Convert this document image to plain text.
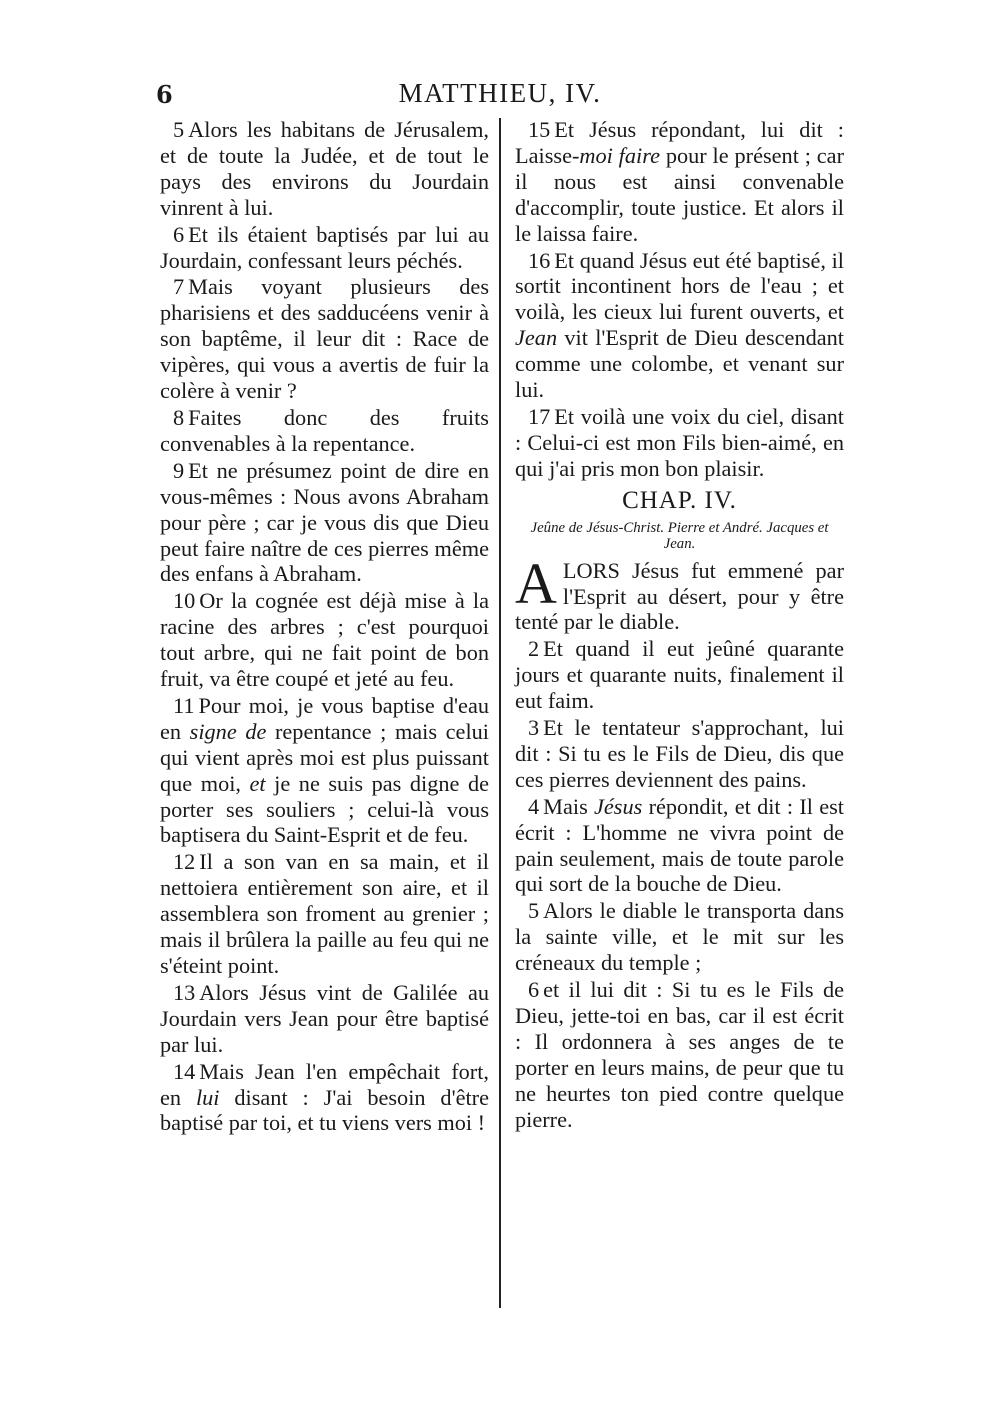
6	MATTHIEU, IV.

5 Alors les habitans de Jérusalem, et de toute la Judée, et de tout le pays des environs du Jourdain vinrent à lui.

6 Et ils étaient baptisés par lui au Jourdain, confessant leurs péchés.

7 Mais voyant plusieurs des pharisiens et des sadducéens venir à son baptême, il leur dit : Race de vipères, qui vous a avertis de fuir la colère à venir ?

8 Faites donc des fruits convenables à la repentance.

9 Et ne présumez point de dire en vous-mêmes : Nous avons Abraham pour père ; car je vous dis que Dieu peut faire naître de ces pierres même des enfans à Abraham.

10 Or la cognée est déjà mise à la racine des arbres ; c'est pourquoi tout arbre, qui ne fait point de bon fruit, va être coupé et jeté au feu.

11 Pour moi, je vous baptise d'eau en signe de repentance ; mais celui qui vient après moi est plus puissant que moi, et je ne suis pas digne de porter ses souliers ; celui-là vous baptisera du Saint-Esprit et de feu.

12 Il a son van en sa main, et il nettoiera entièrement son aire, et il assemblera son froment au grenier ; mais il brûlera la paille au feu qui ne s'éteint point.

13 Alors Jésus vint de Galilée au Jourdain vers Jean pour être baptisé par lui.

14 Mais Jean l'en empêchait fort, en lui disant : J'ai besoin d'être baptisé par toi, et tu viens vers moi !

15 Et Jésus répondant, lui dit : Laisse-moi faire pour le présent ; car il nous est ainsi convenable d'accomplir, toute justice. Et alors il le laissa faire.

16 Et quand Jésus eut été baptisé, il sortit incontinent hors de l'eau ; et voilà, les cieux lui furent ouverts, et Jean vit l'Esprit de Dieu descendant comme une colombe, et venant sur lui.

17 Et voilà une voix du ciel, disant : Celui-ci est mon Fils bien-aimé, en qui j'ai pris mon bon plaisir.

CHAP. IV.
Jeûne de Jésus-Christ. Pierre et André. Jacques et Jean.

ALORS Jésus fut emmené par l'Esprit au désert, pour y être tenté par le diable.

2 Et quand il eut jeûné quarante jours et quarante nuits, finalement il eut faim.

3 Et le tentateur s'approchant, lui dit : Si tu es le Fils de Dieu, dis que ces pierres deviennent des pains.

4 Mais Jésus répondit, et dit : Il est écrit : L'homme ne vivra point de pain seulement, mais de toute parole qui sort de la bouche de Dieu.

5 Alors le diable le transporta dans la sainte ville, et le mit sur les créneaux du temple ;

6 et il lui dit : Si tu es le Fils de Dieu, jette-toi en bas, car il est écrit : Il ordonnera à ses anges de te porter en leurs mains, de peur que tu ne heurtes ton pied contre quelque pierre.
